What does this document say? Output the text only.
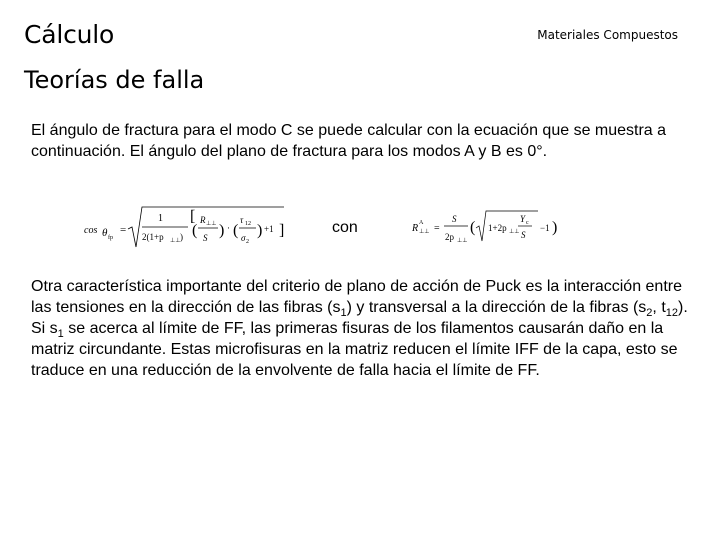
Cálculo	Materiales Compuestos
Teorías de falla

El ángulo de fractura para el modo C se puede calcular con la ecuación que se muestra a continuación. El ángulo del plano de fractura para los modos A y B es 0°.

cos θ fp
=
1
2(1+p ⊥⊥ )
[
(
R ⊥⊥
S ) · (
τ 12
σ 2
) +1 ]	con	R ⊥⊥
A =
S
2p ⊥⊥
( 1+2p ⊥⊥
Y c
S
−1 )

Otra característica importante del criterio de plano de acción de Puck es la interacción entre las tensiones en la dirección de las fibras $(s_1)$ y transversal a la dirección de la fibras ($s_2$, $t_{12}$). Si $s_1$ se acerca al límite de FF, las primeras fisuras de los filamentos causarán daño en la matriz circundante. Estas microfisuras en la matriz reducen el límite IFF de la capa, esto se traduce en una reducción de la envolvente de falla hacia el límite de FF.
